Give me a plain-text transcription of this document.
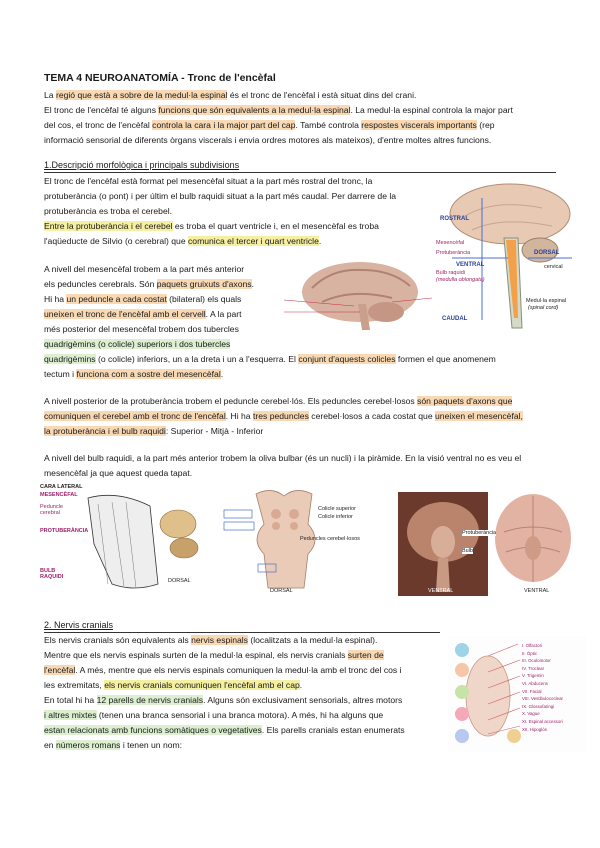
TEMA 4 NEUROANATOMÍA - Tronc de l'encèfal
La regió que està a sobre de la medul·la espinal és el tronc de l'encèfal i està situat dins del crani.
El tronc de l'encèfal té alguns funcions que són equivalents a la medul·la espinal. La medul·la espinal controla la major part
del cos, el tronc de l'encèfal controla la cara i la major part del cap. També controla respostes viscerals importants (rep
informació sensorial de diferents òrgans viscerals i envia ordres motores als mateixos), d'entre moltes altres funcions.
1.Descripció morfològica i principals subdivisions
El tronc de l'encèfal està format pel mesencèfal situat a la part més rostral del tronc, la
protuberància (o pont) i per últim el bulb raquidi situat a la part més caudal. Per darrere de la
protuberància es troba el cerebel.
Entre la protuberància i el cerebel es troba el quart ventricle i, en el mesencèfal es troba
l'aqüeducte de Silvio (o cerebral) que comunica el tercer i quart ventricle.
A nivell del mesencèfal trobem a la part més anterior
els peduncles cerebrals. Són paquets gruixuts d'axons.
Hi ha un peduncle a cada costat (bilateral) els quals
uneixen el tronc de l'encèfal amb el cervell. A la part
més posterior del mesencèfal trobem dos tubercles
quadrigèmins (o colicle) superiors i dos tubercles
quadrigèmins (o colicle) inferiors, un a la dreta i un a l'esquerra. El conjunt d'aquests colicles formen el que anomenem
tectum i funciona com a sostre del mesencèfal.
A nivell posterior de la protuberància trobem el peduncle cerebel·lós. Els peduncles cerebel·losos són paquets d'axons que
comuniquen el cerebel amb el tronc de l'encèfal. Hi ha tres peduncles cerebel·losos a cada costat que uneixen el mesencèfal,
la protuberància i el bulb raquidi: Superior - Mitjà - Inferior
A nivell del bulb raquidi, a la part més anterior trobem la oliva bulbar (és un nucli) i la piràmide. En la visió ventral no es veu el
mesencèfal ja que aquest queda tapat.
ROSTRAL
DORSAL
VENTRAL
CAUDAL
Mesencèfal
Protuberància
Bulb raquidi
(medulla oblongata)
cervical
Medul·la espinal
(spinal cord)
CARA LATERAL
MESENCÈFAL
Peduncle
cerebral
PROTUBERÀNCIA
BULB
RAQUIDI
DORSAL
Colicle superior
Colicle inferior
Peduncles cerebel·losos
DORSAL	VENTRAL	VENTRAL
Protuberància
Bulb
2. Nervis cranials
Els nervis cranials són equivalents als nervis espinals (localitzats a la medul·la espinal).
Mentre que els nervis espinals surten de la medul·la espinal, els nervis cranials surten de
l'encèfal. A més, mentre que els nervis espinals comuniquen la medul·la amb el tronc del cos i
les extremitats, els nervis cranials comuniquen l'encèfal amb el cap.
En total hi ha 12 parells de nervis cranials. Alguns són exclusivament sensorials, altres motors
i altres mixtes (tenen una branca sensorial i una branca motora). A més, hi ha alguns que
estan relacionats amb funcions somàtiques o vegetatives. Els parells cranials estan enumerats
en números romans i tenen un nom:
I. Olfactori
II. Òptic
III. Oculomotor
IV. Troclear
V. Trigemin
VI. Abducens
VII. Facial
VIII. Vestibulococlear
IX. Glossofaringi
X. Vague
XI. Espinal accessori
XII. Hipoglòs
